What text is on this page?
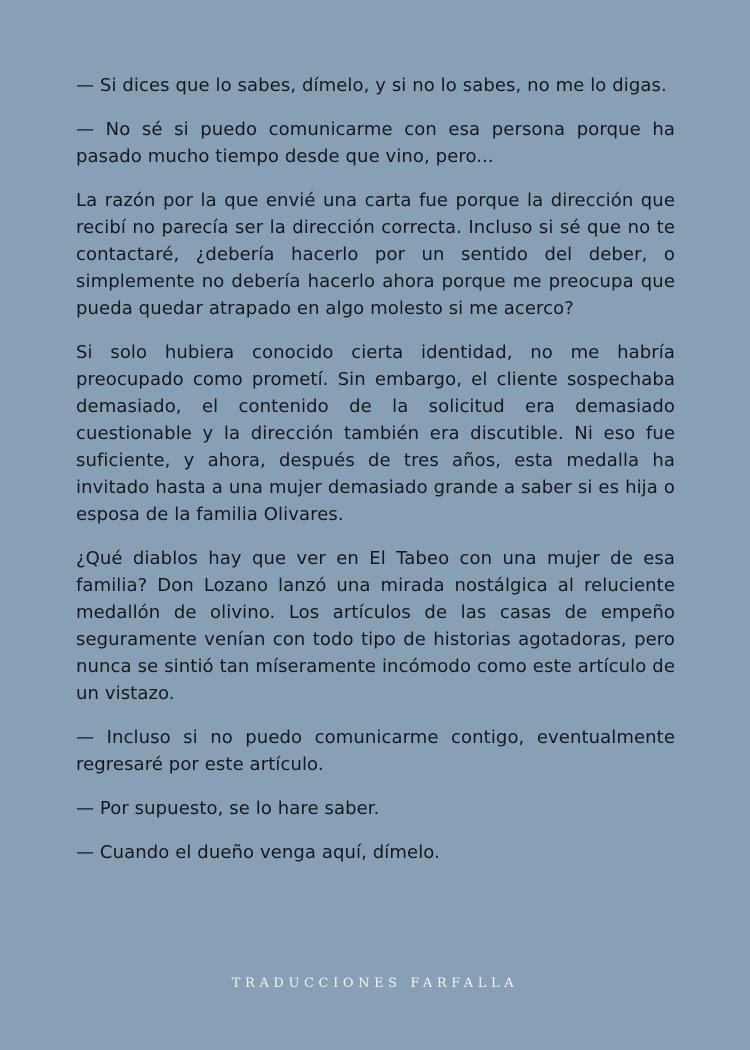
— Si dices que lo sabes, dímelo, y si no lo sabes, no me lo digas.

— No sé si puedo comunicarme con esa persona porque ha pasado mucho tiempo desde que vino, pero...

La razón por la que envié una carta fue porque la dirección que recibí no parecía ser la dirección correcta. Incluso si sé que no te contactaré, ¿debería hacerlo por un sentido del deber, o simplemente no debería hacerlo ahora porque me preocupa que pueda quedar atrapado en algo molesto si me acerco?

Si solo hubiera conocido cierta identidad, no me habría preocupado como prometí. Sin embargo, el cliente sospechaba demasiado, el contenido de la solicitud era demasiado cuestionable y la dirección también era discutible. Ni eso fue suficiente, y ahora, después de tres años, esta medalla ha invitado hasta a una mujer demasiado grande a saber si es hija o esposa de la familia Olivares.

¿Qué diablos hay que ver en El Tabeo con una mujer de esa familia? Don Lozano lanzó una mirada nostálgica al reluciente medallón de olivino. Los artículos de las casas de empeño seguramente venían con todo tipo de historias agotadoras, pero nunca se sintió tan míseramente incómodo como este artículo de un vistazo.

— Incluso si no puedo comunicarme contigo, eventualmente regresaré por este artículo.

— Por supuesto, se lo hare saber.

— Cuando el dueño venga aquí, dímelo.

TRADUCCIONES FARFALLA
